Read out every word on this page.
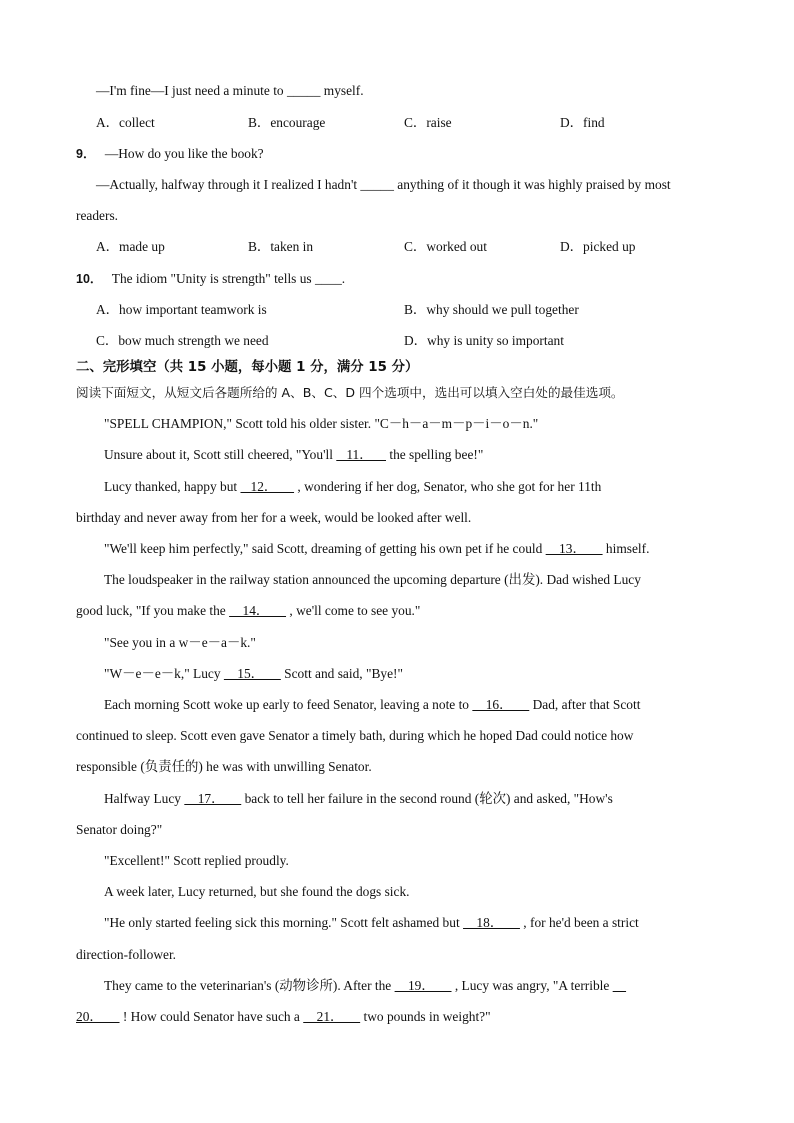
—I'm fine—I just need a minute to _____ myself.
A．collect	B．encourage	C．raise	D．find
9． —How do you like the book?
—Actually, halfway through it I realized I hadn't _____ anything of it though it was highly praised by most
readers.
A．made up	B．taken in	C．worked out	D．picked up
10． The idiom "Unity is strength" tells us ____.
A．how important teamwork is	B．why should we pull together
C．bow much strength we need	D．why is unity so important
二、完形填空（共 15 小题，每小题 1 分，满分 15 分）
阅读下面短文，从短文后各题所给的 A、B、C、D 四个选项中，选出可以填入空白处的最佳选项。
"SPELL CHAMPION," Scott told his older sister. "C－h－a－m－p－i－o－n."
Unsure about it, Scott still cheered, "You'll    11．     the spelling bee!"
Lucy thanked, happy but    12．      , wondering if her dog, Senator, who she got for her 11th
birthday and never away from her for a week, would be looked after well.
"We'll keep him perfectly," said Scott, dreaming of getting his own pet if he could     13．      himself.
The loudspeaker in the railway station announced the upcoming departure (出发). Dad wished Lucy
good luck, "If you make the     14．      , we'll come to see you."
"See you in a w－e－a－k."
"W－e－e－k," Lucy     15．      Scott and said, "Bye!"
Each morning Scott woke up early to feed Senator, leaving a note to     16．      Dad, after that Scott
continued to sleep. Scott even gave Senator a timely bath, during which he hoped Dad could notice how
responsible (负责任的) he was with unwilling Senator.
Halfway Lucy     17．      back to tell her failure in the second round (轮次) and asked, "How's
Senator doing?"
"Excellent!" Scott replied proudly.
A week later, Lucy returned, but she found the dogs sick.
"He only started feeling sick this morning." Scott felt ashamed but     18．      , for he'd been a strict
direction-follower.
They came to the veterinarian's (动物诊所). After the     19．      , Lucy was angry, "A terrible
20．      ! How could Senator have such a     21．      two pounds in weight?"
